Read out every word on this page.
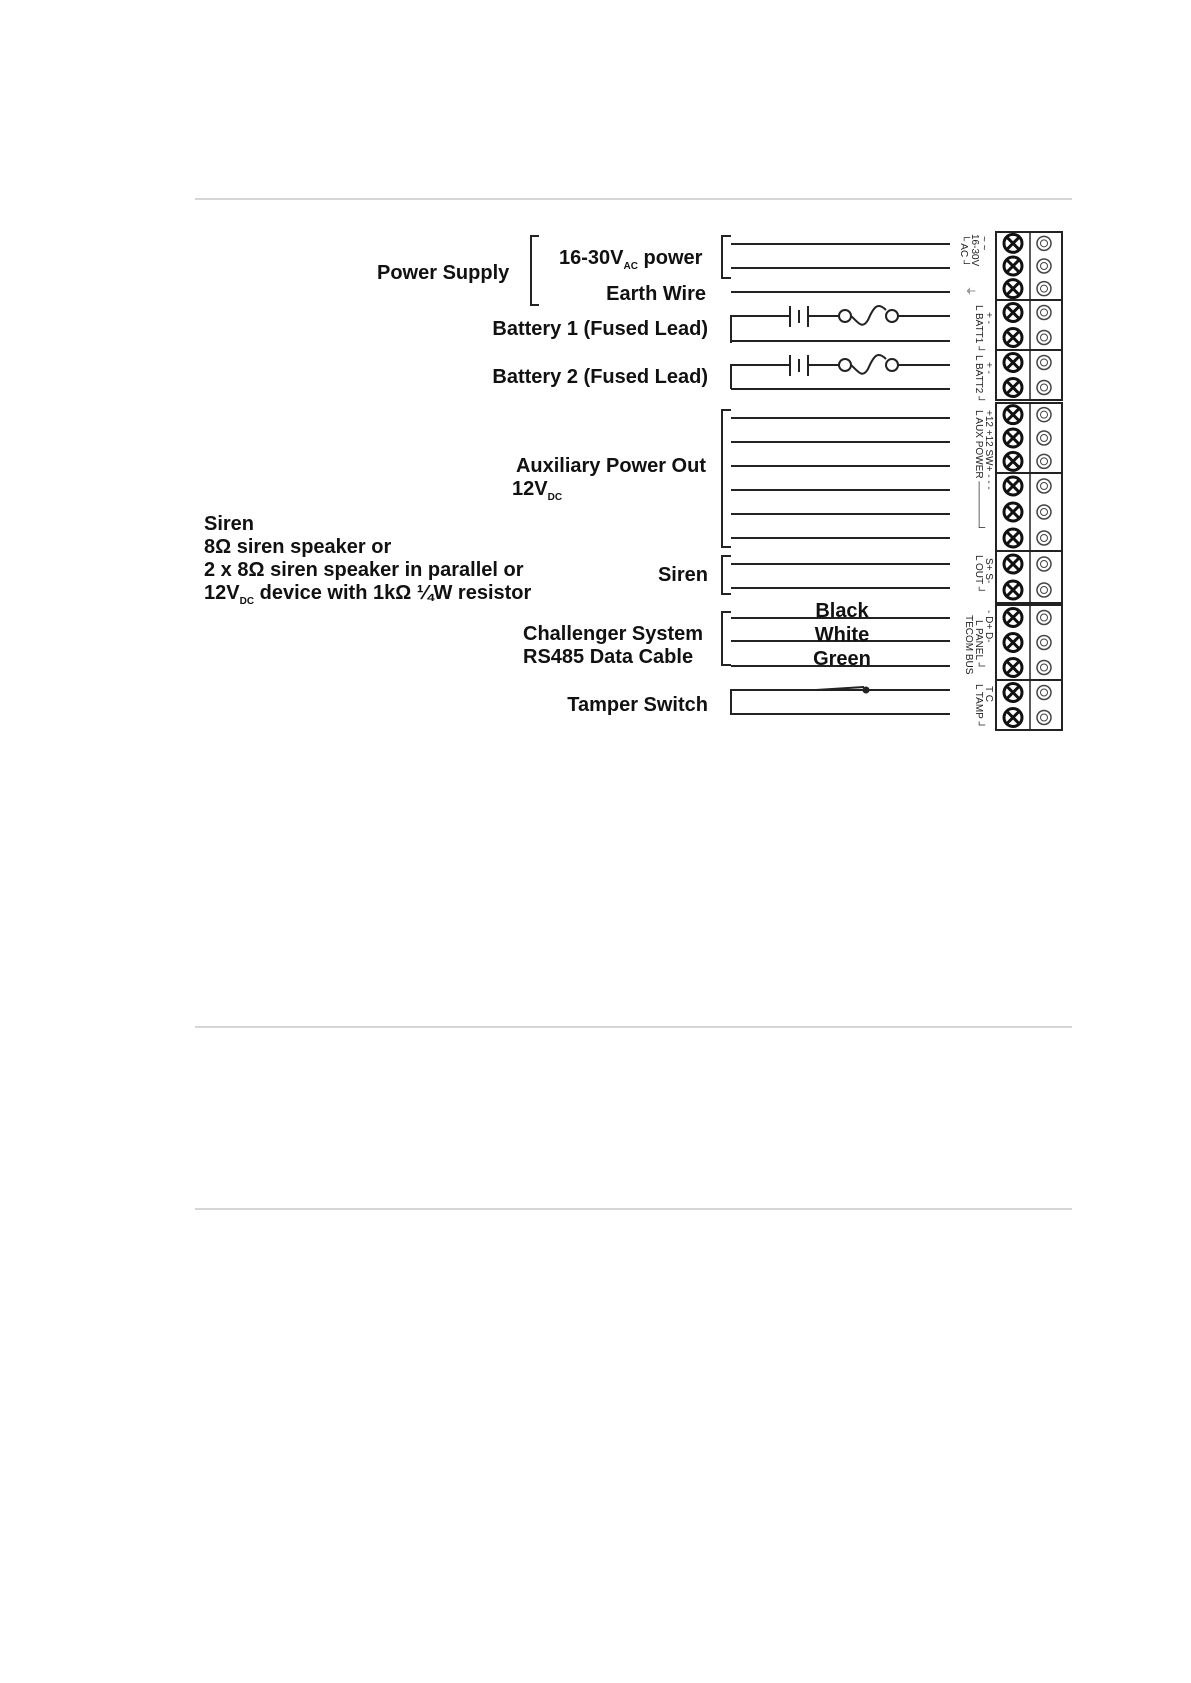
Power Supply
$16-30V_{AC}$ power
Earth Wire
Battery 1 (Fused Lead)
Battery 2 (Fused Lead)
Auxiliary Power Out
$12V_{DC}$
Siren
8Ω siren speaker or
2 x 8Ω siren speaker in parallel or
$12V_{DC}$ device with 1kΩ ¼W resistor
Siren
Challenger System
RS485 Data Cable
Tamper Switch
Black
White
Green
└ AC ┘ 16-30V
~ ~
⏚
L BATT1 ┘ + -
L BATT2 ┘ + -
L AUX POWER ──────┘ +12 +12 SW+ - - -
L OUT ┘ S+ S-
TECOM BUS L PANEL ┘ - D+ D-
L TAMP ┘ T C
